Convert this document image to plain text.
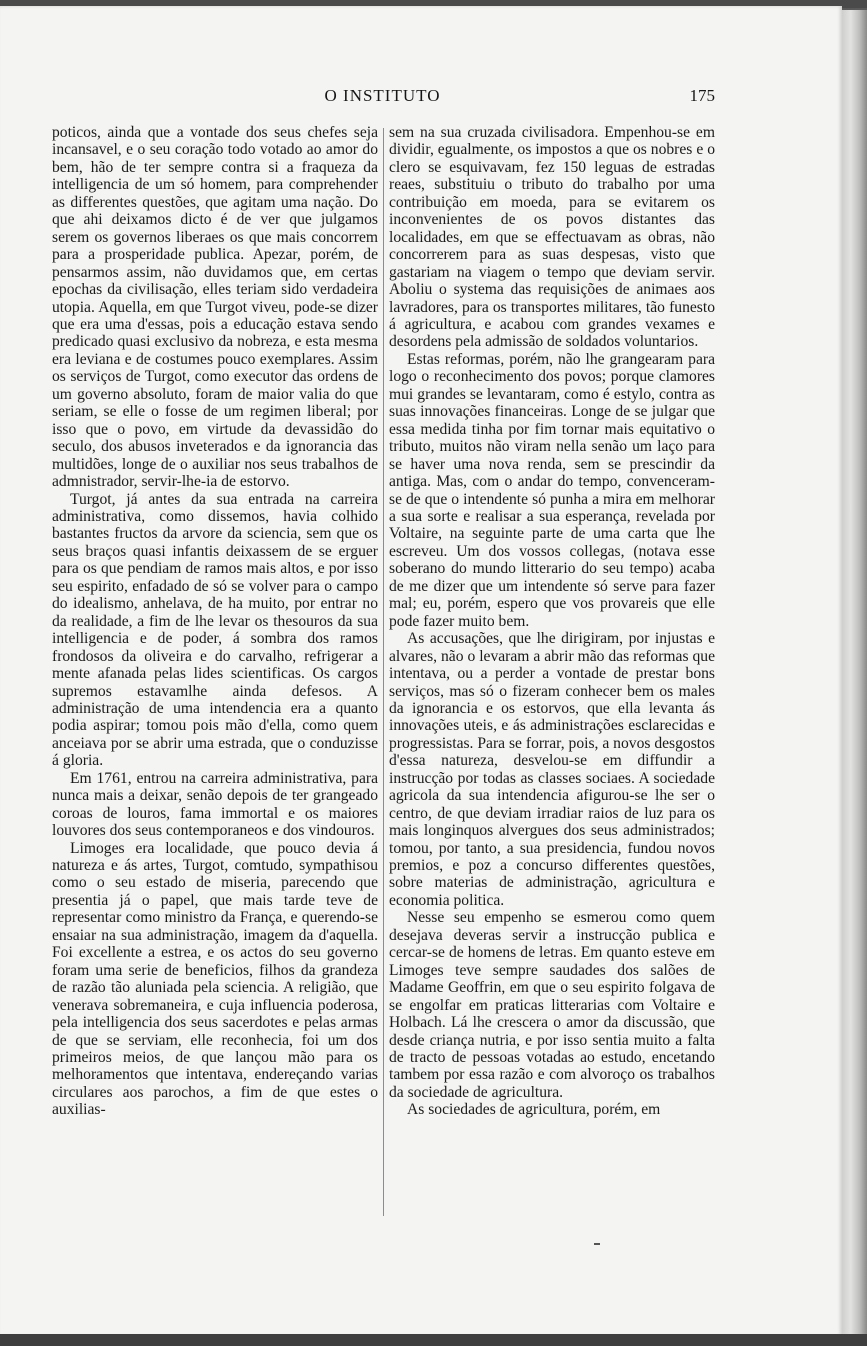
O INSTITUTO	175

poticos, ainda que a vontade dos seus chefes seja incansavel, e o seu coração todo votado ao amor do bem, hão de ter sempre contra si a fraqueza da intelligencia de um só homem, para comprehender as differentes questões, que agitam uma nação. Do que ahi deixamos dicto é de ver que julgamos serem os governos liberaes os que mais concorrem para a prosperidade publica. Apezar, porém, de pensarmos assim, não duvidamos que, em certas epochas da civilisação, elles teriam sido verdadeira utopia. Aquella, em que Turgot viveu, pode-se dizer que era uma d'essas, pois a educação estava sendo predicado quasi exclusivo da nobreza, e esta mesma era leviana e de costumes pouco exemplares. Assim os serviços de Turgot, como executor das ordens de um governo absoluto, foram de maior valia do que seriam, se elle o fosse de um regimen liberal; por isso que o povo, em virtude da devassidão do seculo, dos abusos inveterados e da ignorancia das multidões, longe de o auxiliar nos seus trabalhos de admnistrador, servir-lhe-ia de estorvo.

Turgot, já antes da sua entrada na carreira administrativa, como dissemos, havia colhido bastantes fructos da arvore da sciencia, sem que os seus braços quasi infantis deixassem de se erguer para os que pendiam de ramos mais altos, e por isso seu espirito, enfadado de só se volver para o campo do idealismo, anhelava, de ha muito, por entrar no da realidade, a fim de lhe levar os thesouros da sua intelligencia e de poder, á sombra dos ramos frondosos da oliveira e do carvalho, refrigerar a mente afanada pelas lides scientificas. Os cargos supremos estavamlhe ainda defesos. A administração de uma intendencia era a quanto podia aspirar; tomou pois mão d'ella, como quem anceiava por se abrir uma estrada, que o conduzisse á gloria.

Em 1761, entrou na carreira administrativa, para nunca mais a deixar, senão depois de ter grangeado coroas de louros, fama immortal e os maiores louvores dos seus contemporaneos e dos vindouros.

Limoges era localidade, que pouco devia á natureza e ás artes, Turgot, comtudo, sympathisou como o seu estado de miseria, parecendo que presentia já o papel, que mais tarde teve de representar como ministro da França, e querendo-se ensaiar na sua administração, imagem da d'aquella. Foi excellente a estrea, e os actos do seu governo foram uma serie de beneficios, filhos da grandeza de razão tão aluniada pela sciencia. A religião, que venerava sobremaneira, e cuja influencia poderosa, pela intelligencia dos seus sacerdotes e pelas armas de que se serviam, elle reconhecia, foi um dos primeiros meios, de que lançou mão para os melhoramentos que intentava, endereçando varias circulares aos parochos, a fim de que estes o auxilias-

sem na sua cruzada civilisadora. Empenhou-se em dividir, egualmente, os impostos a que os nobres e o clero se esquivavam, fez 150 leguas de estradas reaes, substituiu o tributo do trabalho por uma contribuição em moeda, para se evitarem os inconvenientes de os povos distantes das localidades, em que se effectuavam as obras, não concorrerem para as suas despesas, visto que gastariam na viagem o tempo que deviam servir. Aboliu o systema das requisições de animaes aos lavradores, para os transportes militares, tão funesto á agricultura, e acabou com grandes vexames e desordens pela admissão de soldados voluntarios.

Estas reformas, porém, não lhe grangearam para logo o reconhecimento dos povos; porque clamores mui grandes se levantaram, como é estylo, contra as suas innovações financeiras. Longe de se julgar que essa medida tinha por fim tornar mais equitativo o tributo, muitos não viram nella senão um laço para se haver uma nova renda, sem se prescindir da antiga. Mas, com o andar do tempo, convenceram-se de que o intendente só punha a mira em melhorar a sua sorte e realisar a sua esperança, revelada por Voltaire, na seguinte parte de uma carta que lhe escreveu. Um dos vossos collegas, (notava esse soberano do mundo litterario do seu tempo) acaba de me dizer que um intendente só serve para fazer mal; eu, porém, espero que vos provareis que elle pode fazer muito bem.

As accusações, que lhe dirigiram, por injustas e alvares, não o levaram a abrir mão das reformas que intentava, ou a perder a vontade de prestar bons serviços, mas só o fizeram conhecer bem os males da ignorancia e os estorvos, que ella levanta ás innovações uteis, e ás administrações esclarecidas e progressistas. Para se forrar, pois, a novos desgostos d'essa natureza, desvelou-se em diffundir a instrucção por todas as classes sociaes. A sociedade agricola da sua intendencia afigurou-se lhe ser o centro, de que deviam irradiar raios de luz para os mais longinquos alvergues dos seus administrados; tomou, por tanto, a sua presidencia, fundou novos premios, e poz a concurso differentes questões, sobre materias de administração, agricultura e economia politica.

Nesse seu empenho se esmerou como quem desejava deveras servir a instrucção publica e cercar-se de homens de letras. Em quanto esteve em Limoges teve sempre saudades dos salões de Madame Geoffrin, em que o seu espirito folgava de se engolfar em praticas litterarias com Voltaire e Holbach. Lá lhe crescera o amor da discussão, que desde criança nutria, e por isso sentia muito a falta de tracto de pessoas votadas ao estudo, encetando tambem por essa razão e com alvoroço os trabalhos da sociedade de agricultura.

As sociedades de agricultura, porém, em
